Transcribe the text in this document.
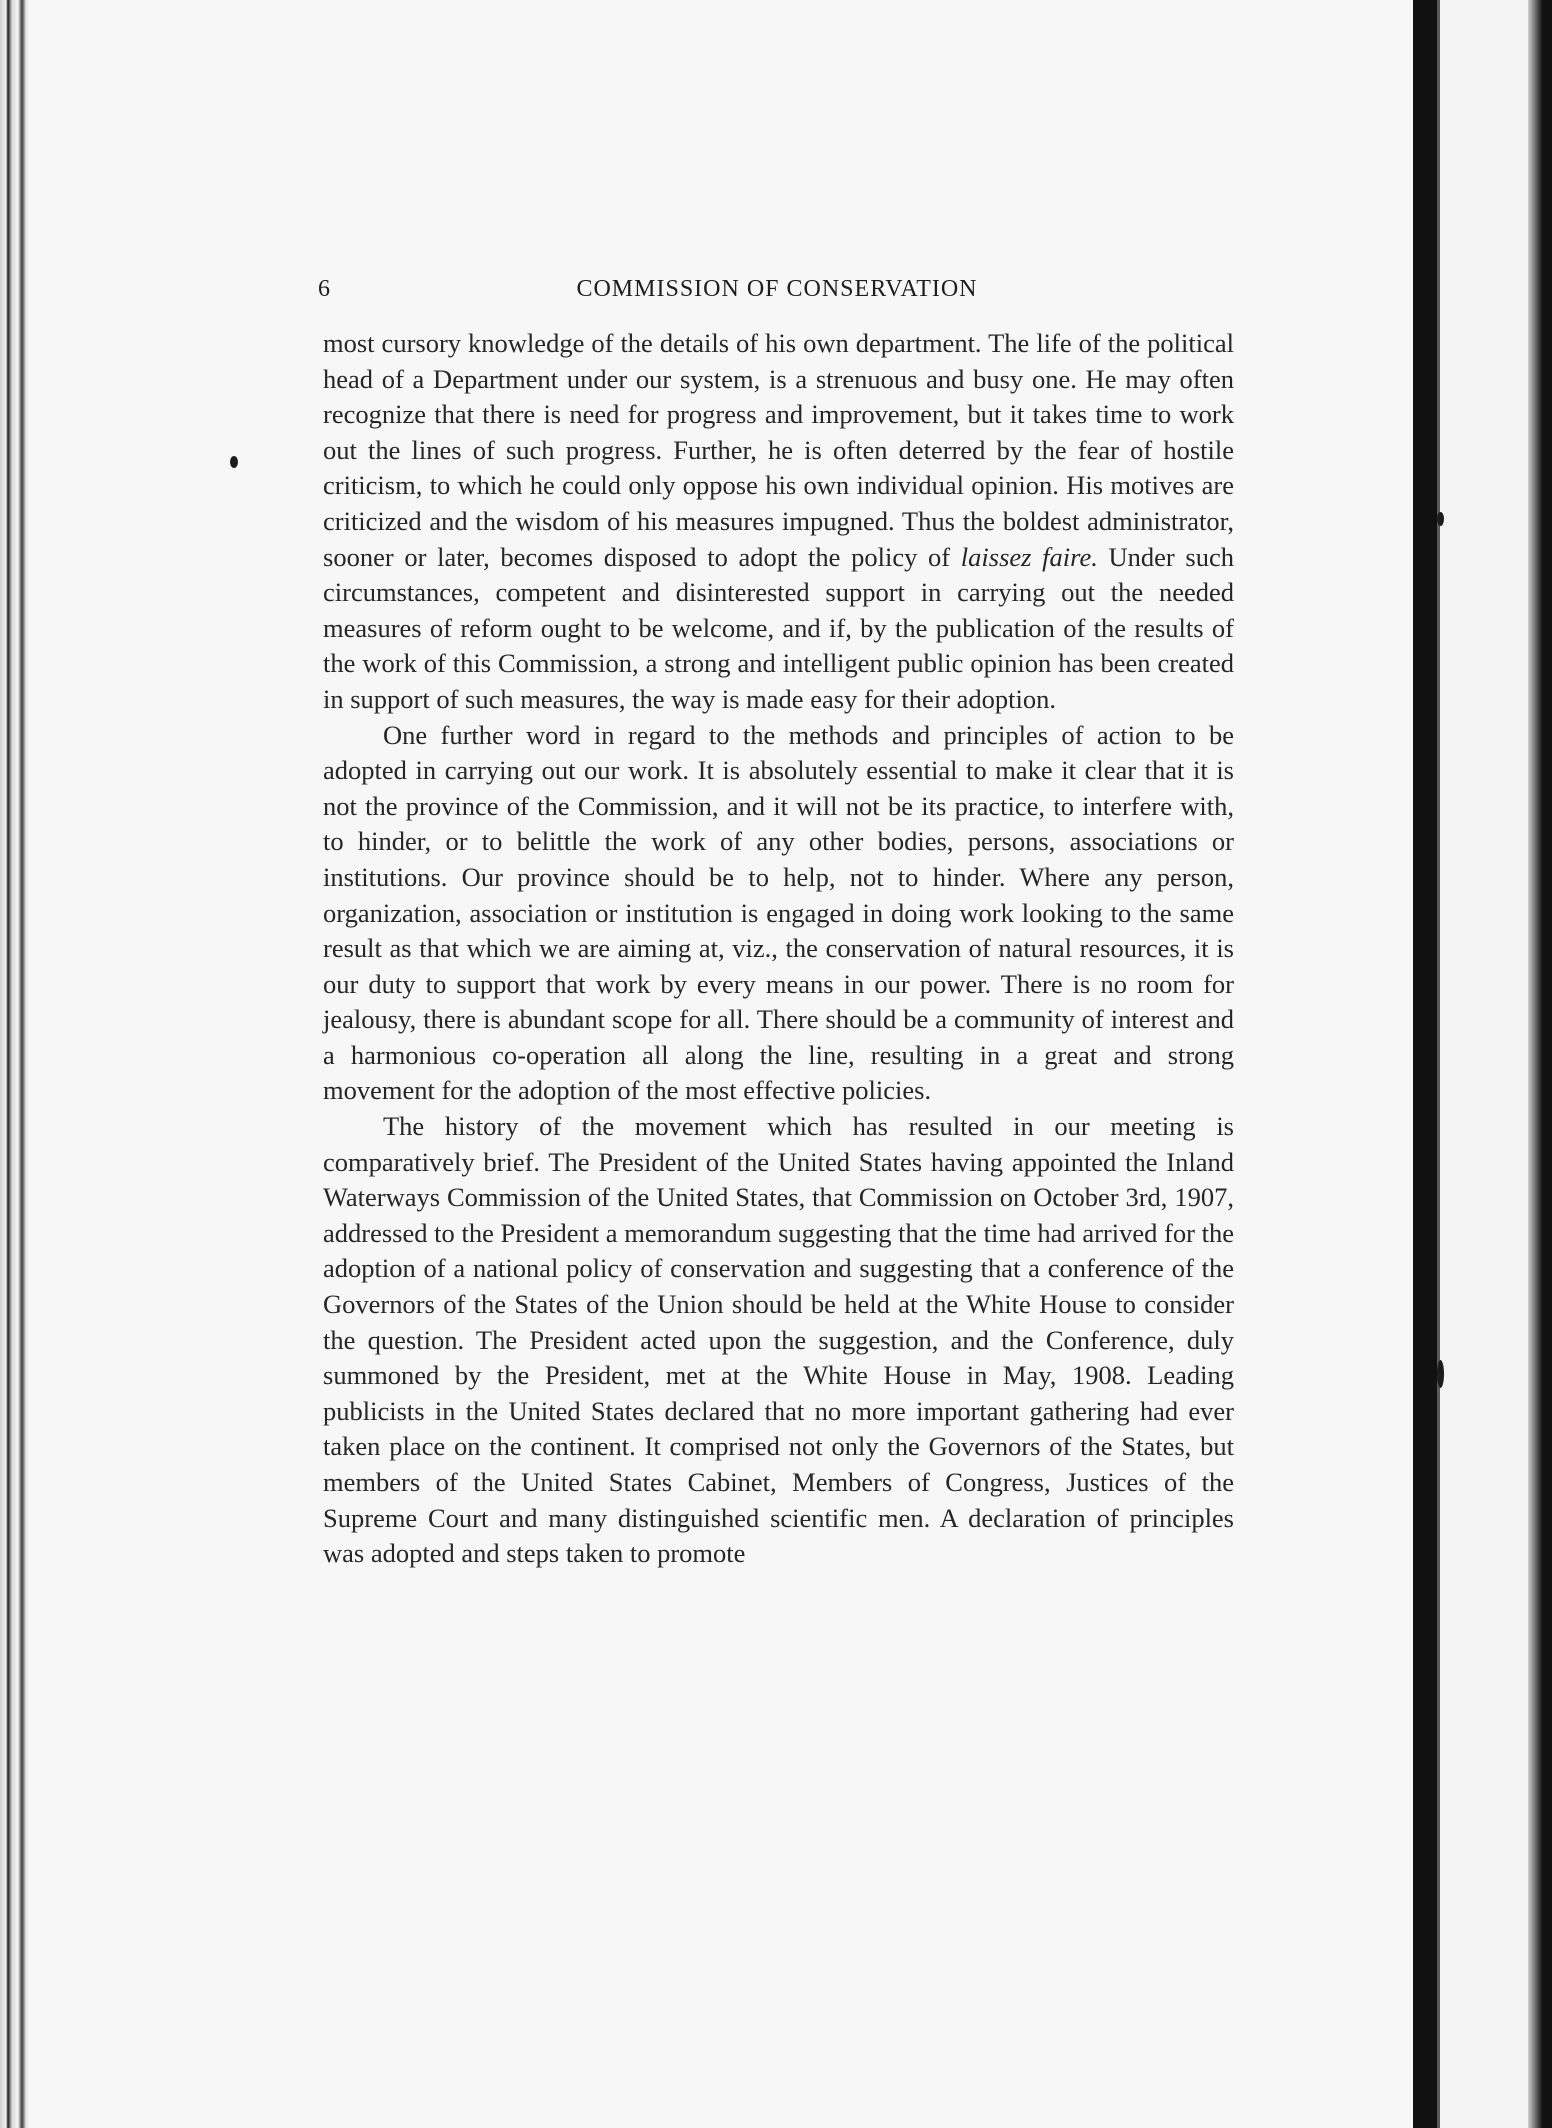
6	COMMISSION OF CONSERVATION

most cursory knowledge of the details of his own department. The life of the political head of a Department under our system, is a strenuous and busy one. He may often recognize that there is need for progress and improvement, but it takes time to work out the lines of such progress. Further, he is often deterred by the fear of hostile criticism, to which he could only oppose his own individual opinion. His motives are criticized and the wisdom of his measures impugned. Thus the boldest administrator, sooner or later, becomes disposed to adopt the policy of laissez faire. Under such circumstances, competent and disinterested support in carrying out the needed measures of reform ought to be welcome, and if, by the publication of the results of the work of this Commission, a strong and intelligent public opinion has been created in support of such measures, the way is made easy for their adoption.

One further word in regard to the methods and principles of action to be adopted in carrying out our work. It is absolutely essential to make it clear that it is not the province of the Commission, and it will not be its practice, to interfere with, to hinder, or to belittle the work of any other bodies, persons, associations or institutions. Our province should be to help, not to hinder. Where any person, organization, association or institution is engaged in doing work looking to the same result as that which we are aiming at, viz., the conservation of natural resources, it is our duty to support that work by every means in our power. There is no room for jealousy, there is abundant scope for all. There should be a community of interest and a harmonious co-operation all along the line, resulting in a great and strong movement for the adoption of the most effective policies.

The history of the movement which has resulted in our meeting is comparatively brief. The President of the United States having appointed the Inland Waterways Commission of the United States, that Commission on October 3rd, 1907, addressed to the President a memorandum suggesting that the time had arrived for the adoption of a national policy of conservation and suggesting that a conference of the Governors of the States of the Union should be held at the White House to consider the question. The President acted upon the suggestion, and the Conference, duly summoned by the President, met at the White House in May, 1908. Leading publicists in the United States declared that no more important gathering had ever taken place on the continent. It comprised not only the Governors of the States, but members of the United States Cabinet, Members of Congress, Justices of the Supreme Court and many distinguished scientific men. A declaration of principles was adopted and steps taken to promote
